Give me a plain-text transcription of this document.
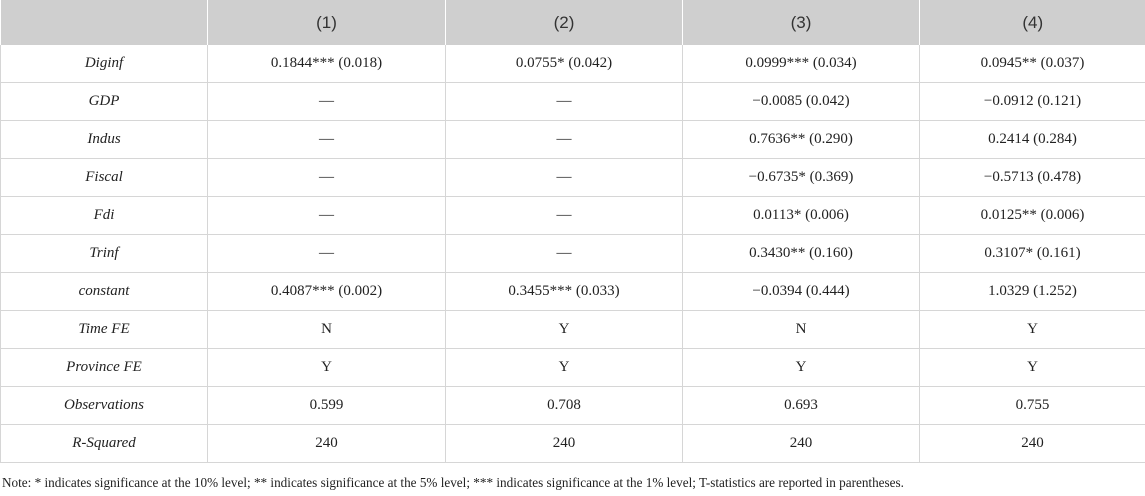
	(1)	(2)	(3)	(4)
Diginf	0.1844*** (0.018)	0.0755* (0.042)	0.0999*** (0.034)	0.0945** (0.037)
GDP	—	—	−0.0085 (0.042)	−0.0912 (0.121)
Indus	—	—	0.7636** (0.290)	0.2414 (0.284)
Fiscal	—	—	−0.6735* (0.369)	−0.5713 (0.478)
Fdi	—	—	0.0113* (0.006)	0.0125** (0.006)
Trinf	—	—	0.3430** (0.160)	0.3107* (0.161)
constant	0.4087*** (0.002)	0.3455*** (0.033)	−0.0394 (0.444)	1.0329 (1.252)
Time FE	N	Y	N	Y
Province FE	Y	Y	Y	Y
Observations	0.599	0.708	0.693	0.755
R-Squared	240	240	240	240
Note: * indicates significance at the 10% level; ** indicates significance at the 5% level; *** indicates significance at the 1% level; T-statistics are reported in parentheses.
